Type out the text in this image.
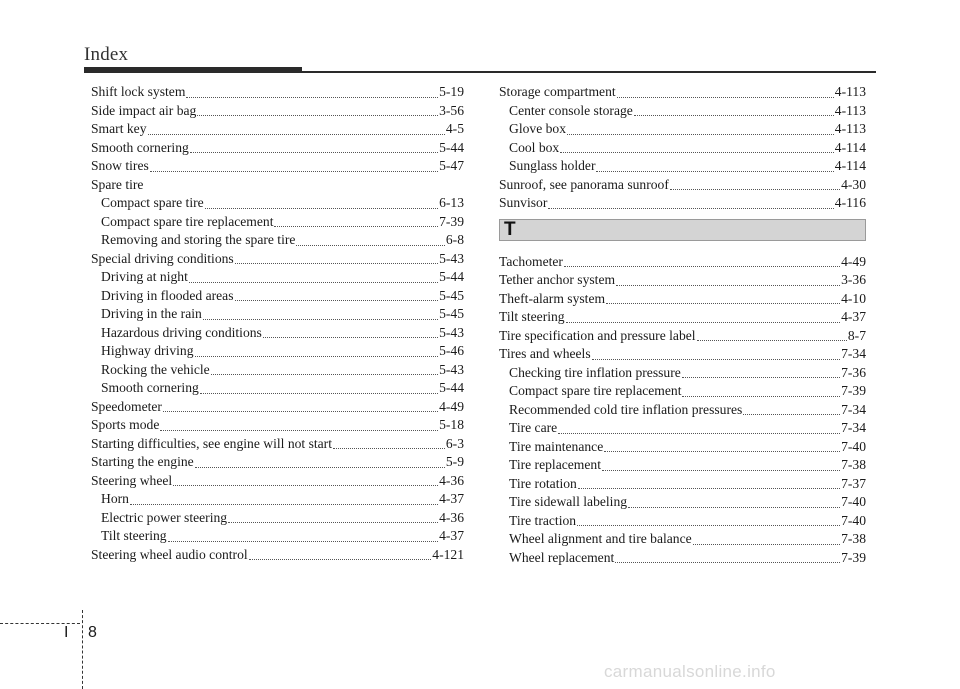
Index
Shift lock system	5-19
Side impact air bag	3-56
Smart key	4-5
Smooth cornering	5-44
Snow tires	5-47
Spare tire
Compact spare tire	6-13
Compact spare tire replacement	7-39
Removing and storing the spare tire	6-8
Special driving conditions	5-43
Driving at night	5-44
Driving in flooded areas	5-45
Driving in the rain	5-45
Hazardous driving conditions	5-43
Highway driving	5-46
Rocking the vehicle	5-43
Smooth cornering	5-44
Speedometer	4-49
Sports mode	5-18
Starting difficulties, see engine will not start	6-3
Starting the engine	5-9
Steering wheel	4-36
Horn	4-37
Electric power steering	4-36
Tilt steering	4-37
Steering wheel audio control	4-121
Storage compartment	4-113
Center console storage	4-113
Glove box	4-113
Cool box	4-114
Sunglass holder	4-114
Sunroof, see panorama sunroof	4-30
Sunvisor	4-116
T
Tachometer	4-49
Tether anchor system	3-36
Theft-alarm system	4-10
Tilt steering	4-37
Tire specification and pressure label	8-7
Tires and wheels	7-34
Checking tire inflation pressure	7-36
Compact spare tire replacement	7-39
Recommended cold tire inflation pressures	7-34
Tire care	7-34
Tire maintenance	7-40
Tire replacement	7-38
Tire rotation	7-37
Tire sidewall labeling	7-40
Tire traction	7-40
Wheel alignment and tire balance	7-38
Wheel replacement	7-39
I 8
carmanualsonline.info
